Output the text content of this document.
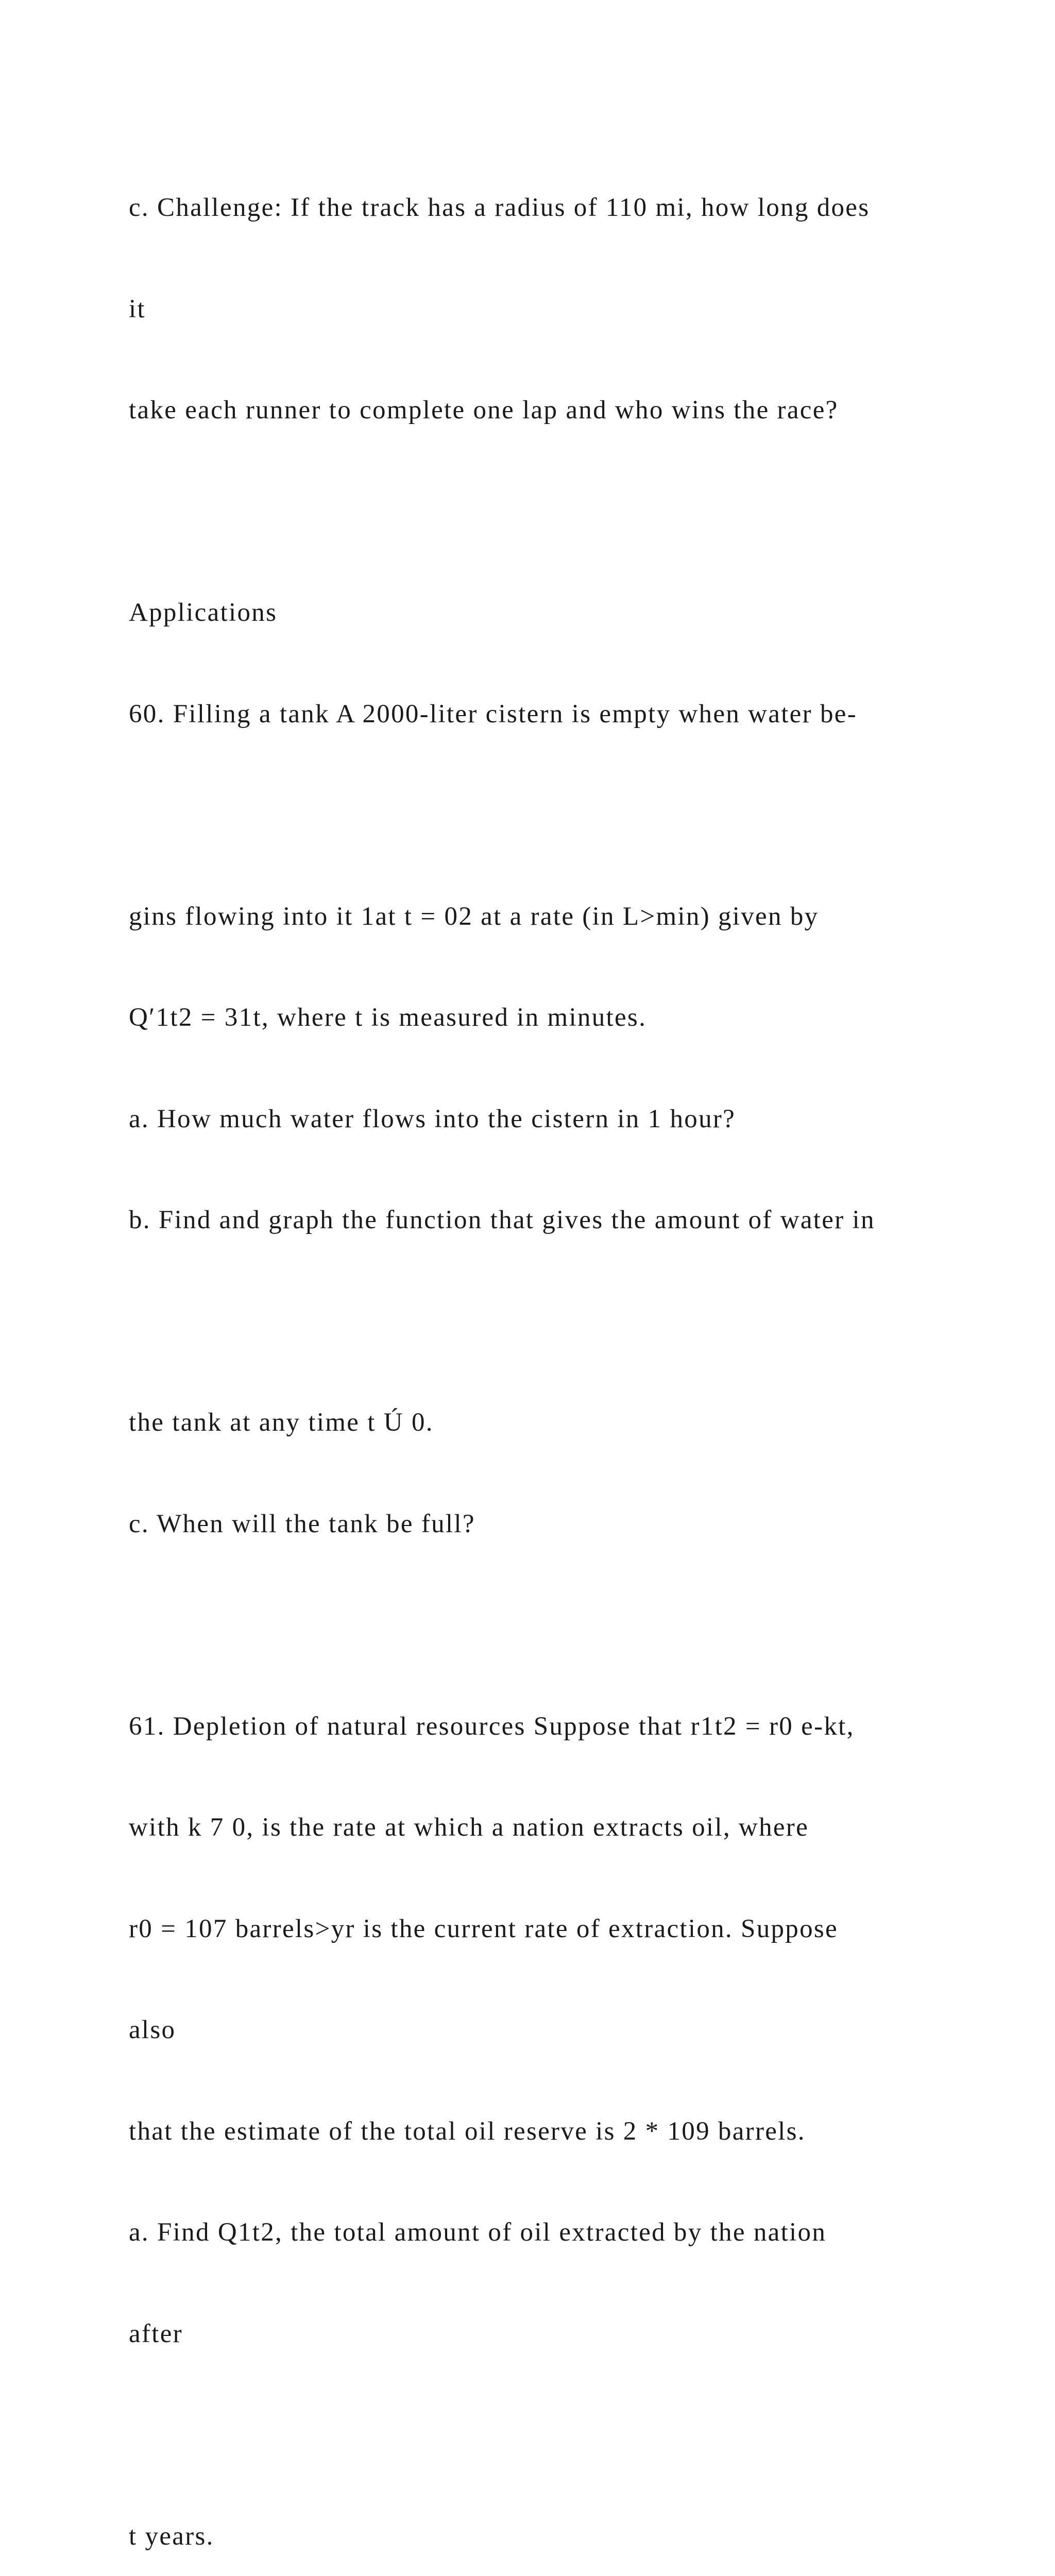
c. Challenge: If the track has a radius of 110 mi, how long does

it

take each runner to complete one lap and who wins the race?

Applications

60. Filling a tank A 2000-liter cistern is empty when water be-

gins flowing into it 1at t = 02 at a rate (in L>min) given by

Q′1t2 = 31t, where t is measured in minutes.

a. How much water flows into the cistern in 1 hour?

b. Find and graph the function that gives the amount of water in

the tank at any time t Ú 0.

c. When will the tank be full?

61. Depletion of natural resources Suppose that r1t2 = r0 e-kt,

with k 7 0, is the rate at which a nation extracts oil, where

r0 = 107 barrels>yr is the current rate of extraction. Suppose

also

that the estimate of the total oil reserve is 2 * 109 barrels.

a. Find Q1t2, the total amount of oil extracted by the nation

after

t years.
